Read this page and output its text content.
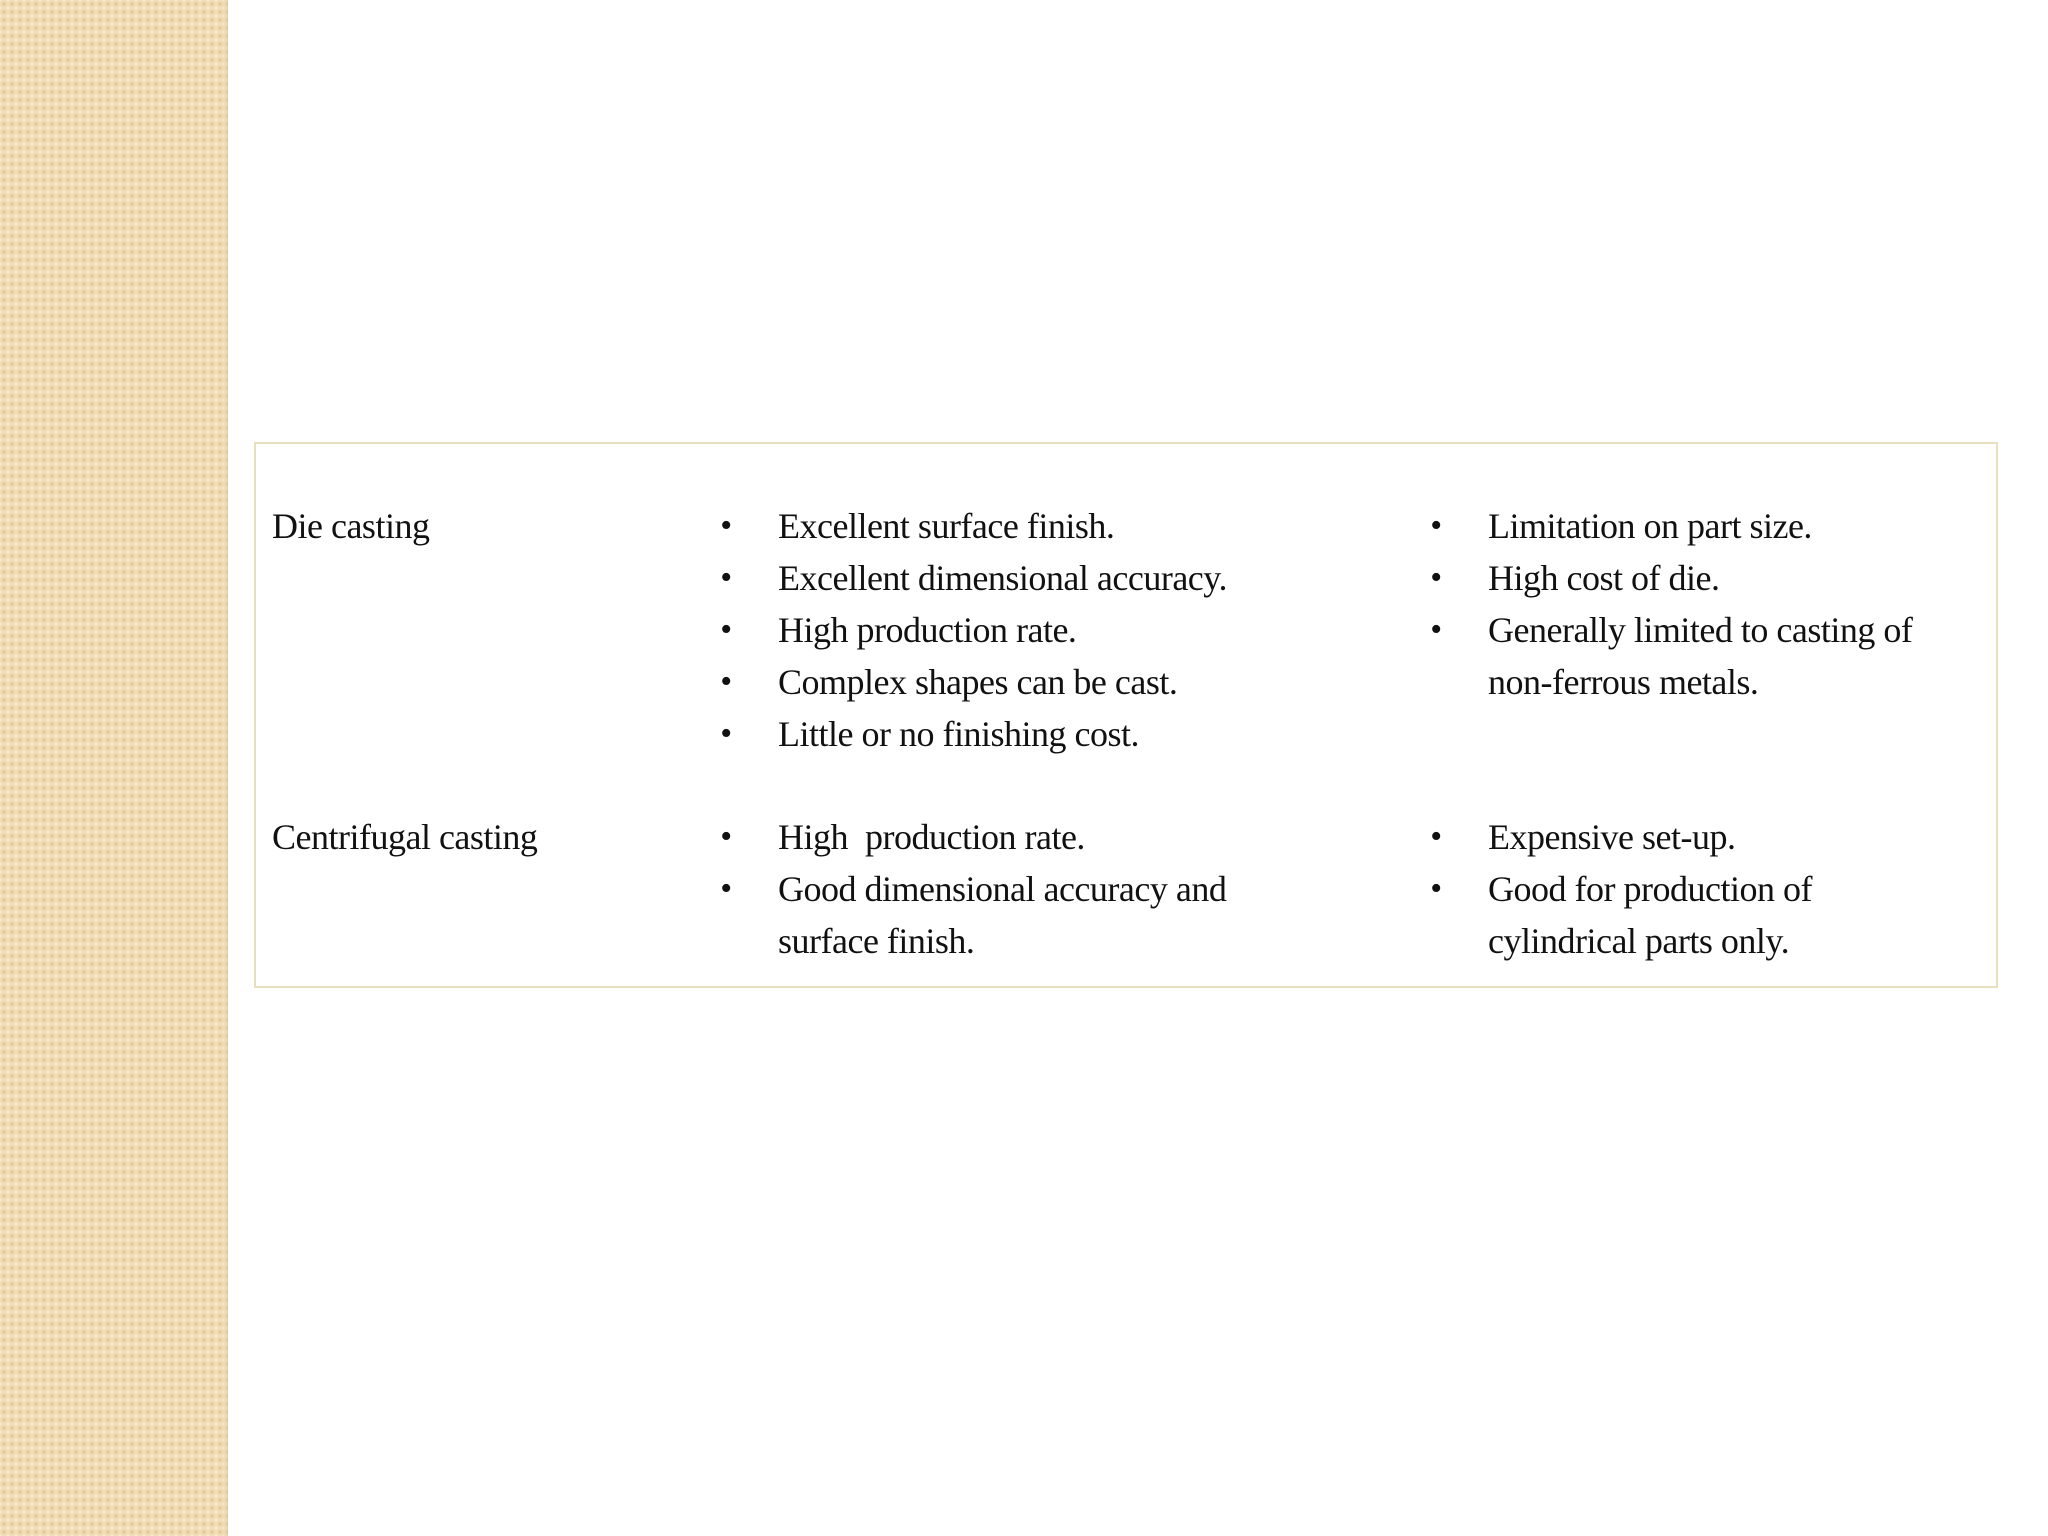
Die casting	• Excellent surface finish.
• Excellent dimensional accuracy.
• High production rate.
• Complex shapes can be cast.
• Little or no finishing cost.
• Limitation on part size.
• High cost of die.
• Generally limited to casting of non-ferrous metals.
Centrifugal casting	• High  production rate.
• Good dimensional accuracy and surface finish.
• Expensive set-up.
• Good for production of cylindrical parts only.
